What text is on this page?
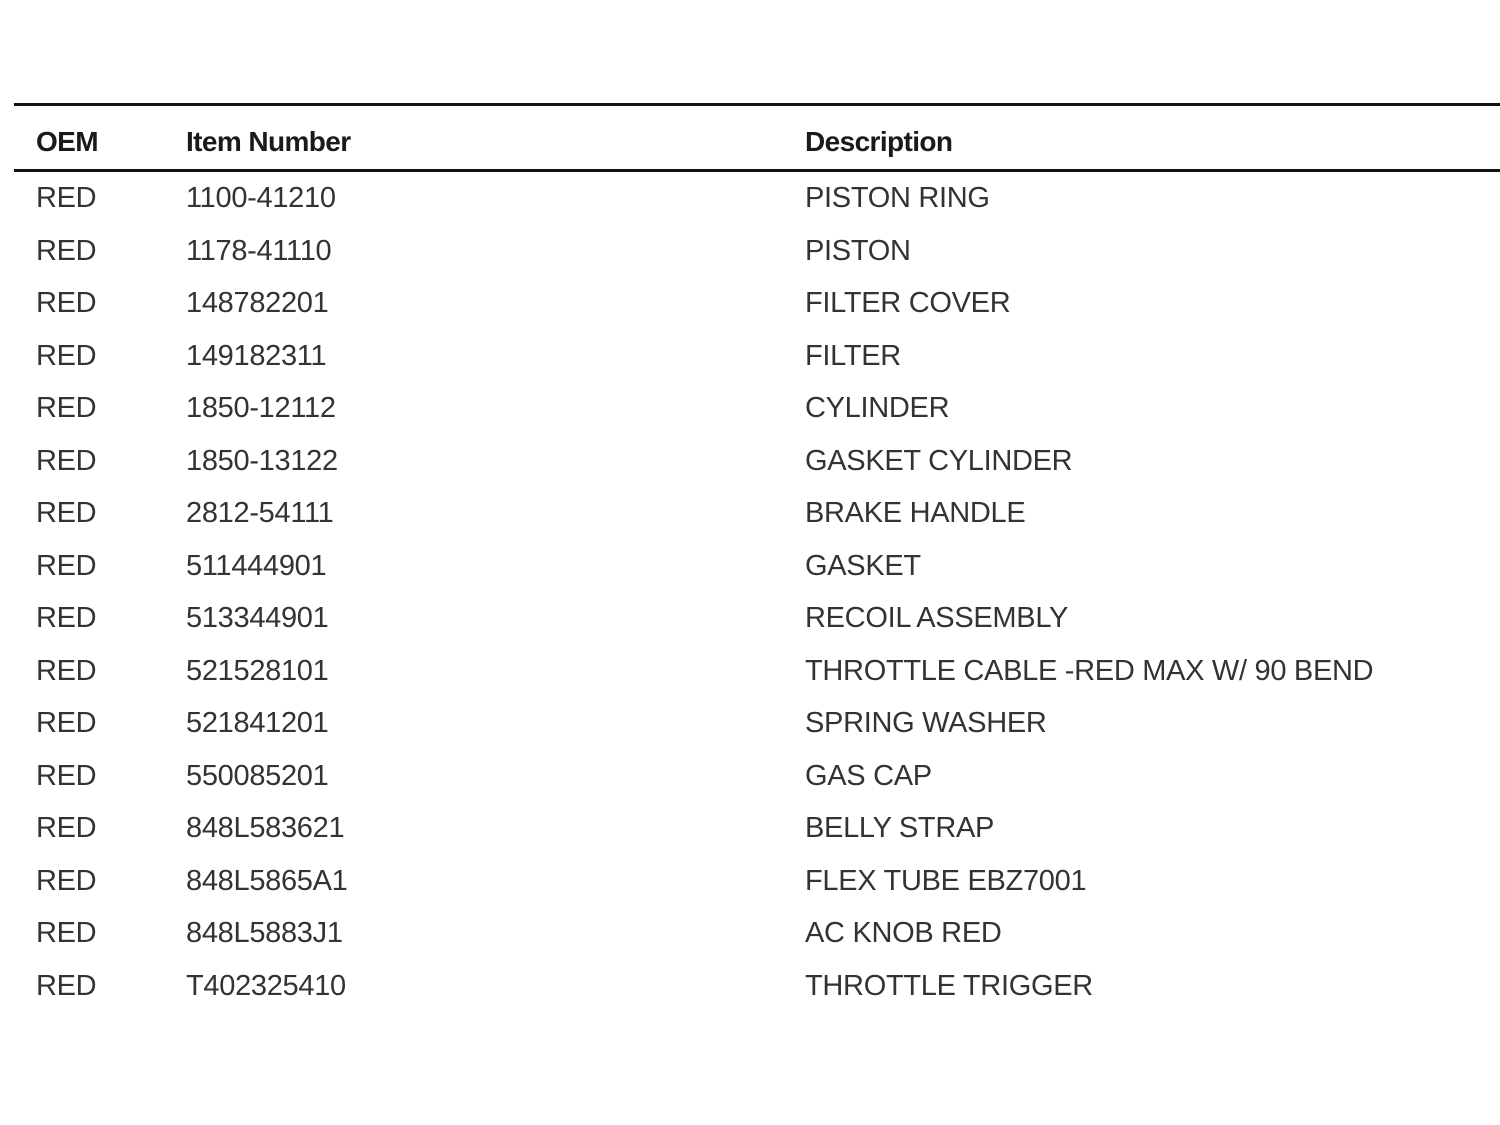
OEM	Item Number	Description
RED	1100-41210	PISTON RING
RED	1178-41110	PISTON
RED	148782201	FILTER COVER
RED	149182311	FILTER
RED	1850-12112	CYLINDER
RED	1850-13122	GASKET CYLINDER
RED	2812-54111	BRAKE HANDLE
RED	511444901	GASKET
RED	513344901	RECOIL ASSEMBLY
RED	521528101	THROTTLE CABLE -RED MAX W/ 90 BEND
RED	521841201	SPRING WASHER
RED	550085201	GAS CAP
RED	848L583621	BELLY STRAP
RED	848L5865A1	FLEX TUBE EBZ7001
RED	848L5883J1	AC KNOB RED
RED	T402325410	THROTTLE TRIGGER
